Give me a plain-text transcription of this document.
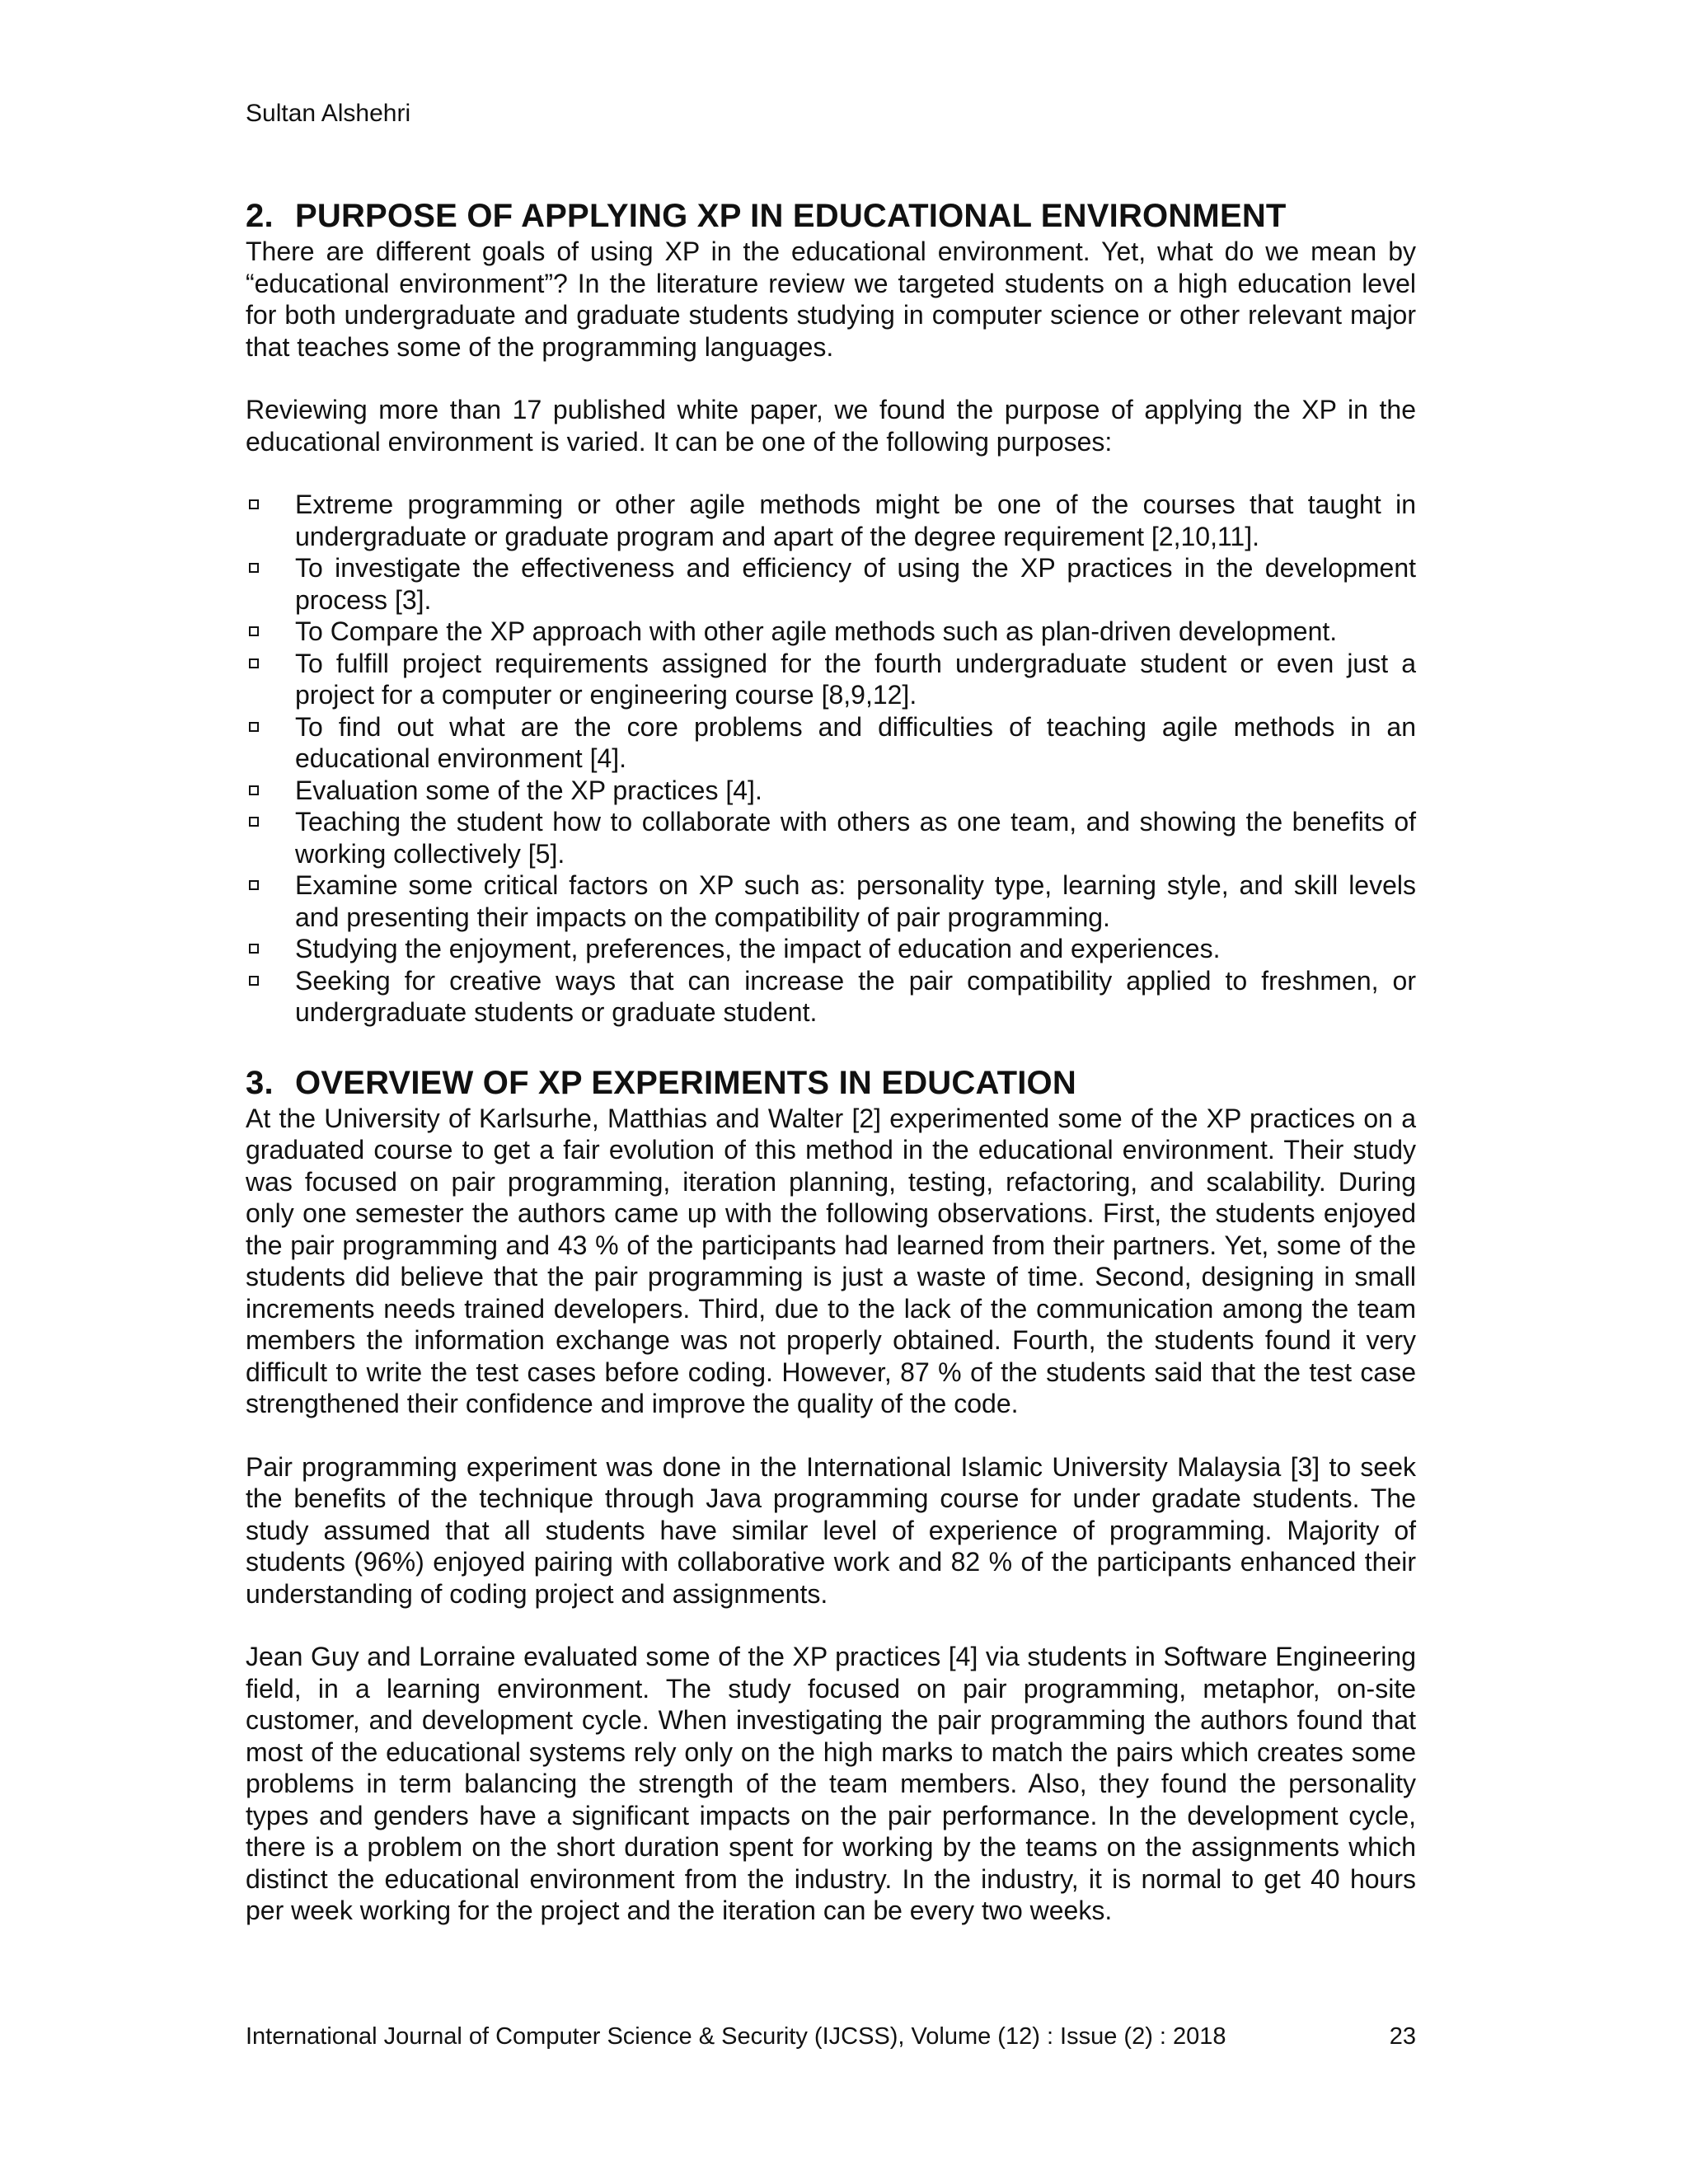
Sultan Alshehri
2. PURPOSE OF APPLYING XP IN EDUCATIONAL ENVIRONMENT

There are different goals of using XP in the educational environment. Yet, what do we mean by “educational environment”? In the literature review we targeted students on a high education level for both undergraduate and graduate students studying in computer science or other relevant major that teaches some of the programming languages.

Reviewing more than 17 published white paper, we found the purpose of applying the XP in the educational environment is varied. It can be one of the following purposes:

Extreme programming or other agile methods might be one of the courses that taught in undergraduate or graduate program and apart of the degree requirement [2,10,11].
To investigate the effectiveness and efficiency of using the XP practices in the development process [3].
To Compare the XP approach with other agile methods such as plan-driven development.
To fulfill project requirements assigned for the fourth undergraduate student or even just a project for a computer or engineering course [8,9,12].
To find out what are the core problems and difficulties of teaching agile methods in an educational environment [4].
Evaluation some of the XP practices [4].
Teaching the student how to collaborate with others as one team, and showing the benefits of working collectively [5].
Examine some critical factors on XP such as: personality type, learning style, and skill levels and presenting their impacts on the compatibility of pair programming.
Studying the enjoyment, preferences, the impact of education and experiences.
Seeking for creative ways that can increase the pair compatibility applied to freshmen, or undergraduate students or graduate student.
3. OVERVIEW OF XP EXPERIMENTS IN EDUCATION

At the University of Karlsurhe, Matthias and Walter [2] experimented some of the XP practices on a graduated course to get a fair evolution of this method in the educational environment. Their study was focused on pair programming, iteration planning, testing, refactoring, and scalability. During only one semester the authors came up with the following observations. First, the students enjoyed the pair programming and 43 % of the participants had learned from their partners. Yet, some of the students did believe that the pair programming is just a waste of time. Second, designing in small increments needs trained developers. Third, due to the lack of the communication among the team members the information exchange was not properly obtained. Fourth, the students found it very difficult to write the test cases before coding. However, 87 % of the students said that the test case strengthened their confidence and improve the quality of the code.

Pair programming experiment was done in the International Islamic University Malaysia [3] to seek the benefits of the technique through Java programming course for under gradate students. The study assumed that all students have similar level of experience of programming. Majority of students (96%) enjoyed pairing with collaborative work and 82 % of the participants enhanced their understanding of coding project and assignments.

Jean Guy and Lorraine evaluated some of the XP practices [4] via students in Software Engineering field, in a learning environment. The study focused on pair programming, metaphor, on-site customer, and development cycle. When investigating the pair programming the authors found that most of the educational systems rely only on the high marks to match the pairs which creates some problems in term balancing the strength of the team members. Also, they found the personality types and genders have a significant impacts on the pair performance. In the development cycle, there is a problem on the short duration spent for working by the teams on the assignments which distinct the educational environment from the industry. In the industry, it is normal to get 40 hours per week working for the project and the iteration can be every two weeks.

International Journal of Computer Science & Security (IJCSS), Volume (12) : Issue (2) : 2018	23
